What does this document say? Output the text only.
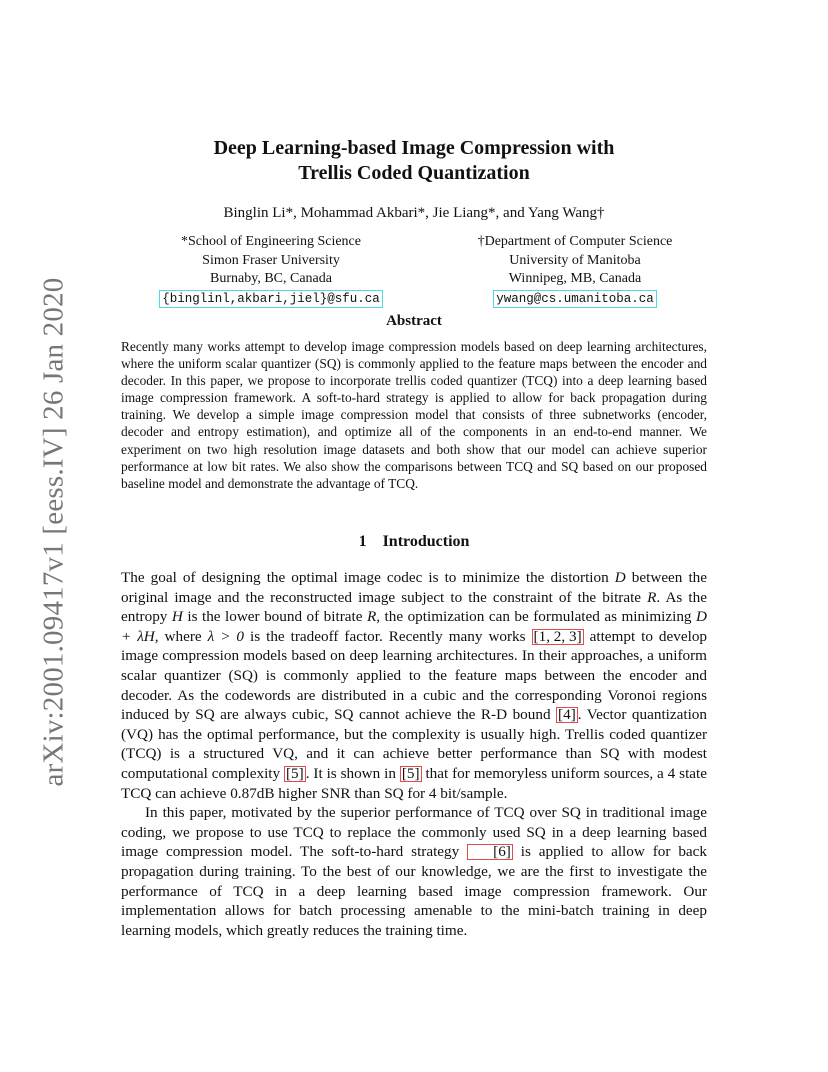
arXiv:2001.09417v1 [eess.IV] 26 Jan 2020
Deep Learning-based Image Compression with
Trellis Coded Quantization
Binglin Li*, Mohammad Akbari*, Jie Liang*, and Yang Wang†
*School of Engineering Science
Simon Fraser University
Burnaby, BC, Canada
{binglinl,akbari,jiel}@sfu.ca
†Department of Computer Science
University of Manitoba
Winnipeg, MB, Canada
ywang@cs.umanitoba.ca
Abstract
Recently many works attempt to develop image compression models based on deep learning architectures, where the uniform scalar quantizer (SQ) is commonly applied to the feature maps between the encoder and decoder. In this paper, we propose to incorporate trellis coded quantizer (TCQ) into a deep learning based image compression framework. A soft-to-hard strategy is applied to allow for back propagation during training. We develop a simple image compression model that consists of three subnetworks (encoder, decoder and entropy estimation), and optimize all of the components in an end-to-end manner. We experiment on two high resolution image datasets and both show that our model can achieve superior performance at low bit rates. We also show the comparisons between TCQ and SQ based on our proposed baseline model and demonstrate the advantage of TCQ.
1 Introduction

The goal of designing the optimal image codec is to minimize the distortion D between the original image and the reconstructed image subject to the constraint of the bitrate R. As the entropy H is the lower bound of bitrate R, the optimization can be formulated as minimizing D + λH, where λ > 0 is the tradeoff factor. Recently many works [1, 2, 3] attempt to develop image compression models based on deep learning architectures. In their approaches, a uniform scalar quantizer (SQ) is commonly applied to the feature maps between the encoder and decoder. As the codewords are distributed in a cubic and the corresponding Voronoi regions induced by SQ are always cubic, SQ cannot achieve the R-D bound [4] . Vector quantization (VQ) has the optimal performance, but the complexity is usually high. Trellis coded quantizer (TCQ) is a structured VQ, and it can achieve better performance than SQ with modest computational complexity [5] . It is shown in [5] that for memoryless uniform sources, a 4 state TCQ can achieve 0.87dB higher SNR than SQ for 4 bit/sample.

In this paper, motivated by the superior performance of TCQ over SQ in traditional image coding, we propose to use TCQ to replace the commonly used SQ in a deep learning based image compression model. The soft-to-hard strategy [6] is applied to allow for back propagation during training. To the best of our knowledge, we are the first to investigate the performance of TCQ in a deep learning based image compression framework. Our implementation allows for batch processing amenable to the mini-batch training in deep learning models, which greatly reduces the training time.
